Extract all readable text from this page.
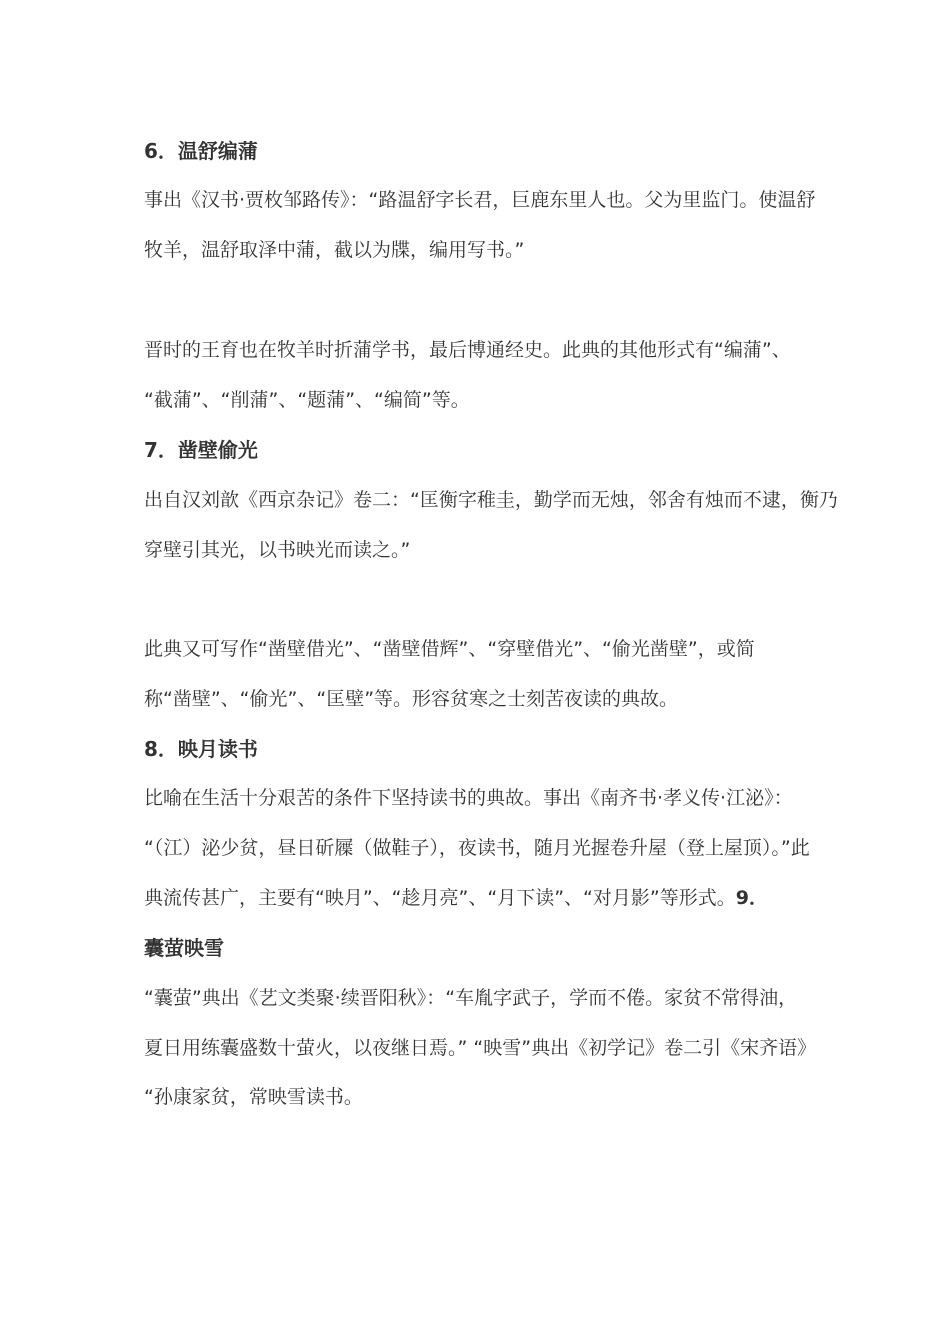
6．温舒编蒲
事出《汉书·贾枚邹路传》：“路温舒字长君，巨鹿东里人也。父为里监门。使温舒
牧羊，温舒取泽中蒲，截以为牒，编用写书。”
晋时的王育也在牧羊时折蒲学书，最后博通经史。此典的其他形式有“编蒲”、
“截蒲”、“削蒲”、“题蒲”、“编简”等。
7．凿壁偷光
出自汉刘歆《西京杂记》卷二：“匡衡字稚圭，勤学而无烛，邻舍有烛而不逮，衡乃
穿壁引其光，以书映光而读之。”
此典又可写作“凿壁借光”、“凿壁借辉”、“穿壁借光”、“偷光凿壁”，或简
称“凿壁”、“偷光”、“匡壁”等。形容贫寒之士刻苦夜读的典故。
8．映月读书
比喻在生活十分艰苦的条件下坚持读书的典故。事出《南齐书·孝义传·江泌》：
“（江）泌少贫，昼日斫屧（做鞋子），夜读书，随月光握卷升屋（登上屋顶）。”此
典流传甚广，主要有“映月”、“趁月亮”、“月下读”、“对月影”等形式。9．
囊萤映雪
“囊萤”典出《艺文类聚·续晋阳秋》：“车胤字武子，学而不倦。家贫不常得油，
夏日用练囊盛数十萤火，以夜继日焉。” “映雪”典出《初学记》卷二引《宋齐语》
“孙康家贫，常映雪读书。
